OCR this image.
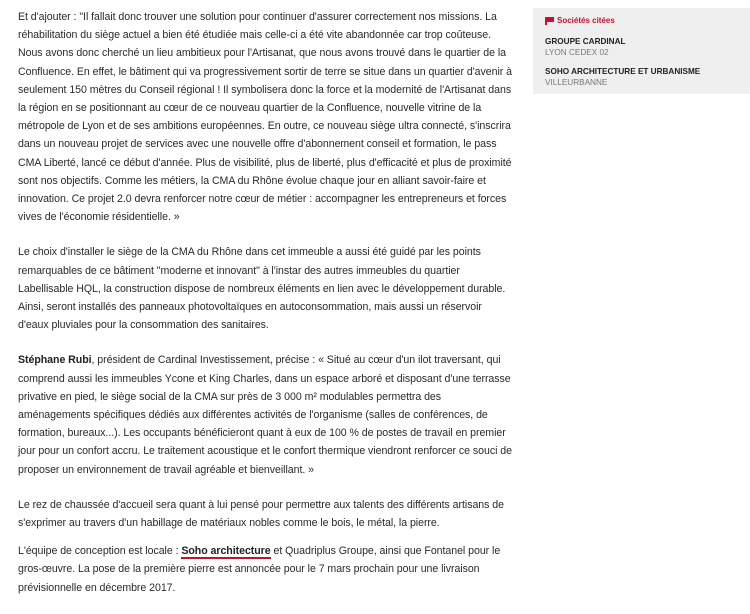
Et d'ajouter : "Il fallait donc trouver une solution pour continuer d'assurer correctement nos missions. La réhabilitation du siège actuel a bien été étudiée mais celle-ci a été vite abandonnée car trop coûteuse. Nous avons donc cherché un lieu ambitieux pour l'Artisanat, que nous avons trouvé dans le quartier de la Confluence. En effet, le bâtiment qui va progressivement sortir de terre se situe dans un quartier d'avenir à seulement 150 mètres du Conseil régional ! Il symbolisera donc la force et la modernité de l'Artisanat dans la région en se positionnant au cœur de ce nouveau quartier de la Confluence, nouvelle vitrine de la métropole de Lyon et de ses ambitions européennes. En outre, ce nouveau siège ultra connecté, s'inscrira dans un nouveau projet de services avec une nouvelle offre d'abonnement conseil et formation, le pass CMA Liberté, lancé ce début d'année. Plus de visibilité, plus de liberté, plus d'efficacité et plus de proximité sont nos objectifs. Comme les métiers, la CMA du Rhône évolue chaque jour en alliant savoir-faire et innovation. Ce projet 2.0 devra renforcer notre cœur de métier : accompagner les entrepreneurs et forces vives de l'économie résidentielle. »

Le choix d'installer le siège de la CMA du Rhône dans cet immeuble a aussi été guidé par les points remarquables de ce bâtiment "moderne et innovant" à l'instar des autres immeubles du quartier Labellisable HQL, la construction dispose de nombreux éléments en lien avec le développement durable. Ainsi, seront installés des panneaux photovoltaïques en autoconsommation, mais aussi un réservoir d'eaux pluviales pour la consommation des sanitaires.

Stéphane Rubi, président de Cardinal Investissement, précise : « Situé au cœur d'un ilot traversant, qui comprend aussi les immeubles Ycone et King Charles, dans un espace arboré et disposant d'une terrasse privative en pied, le siège social de la CMA sur près de 3 000 m² modulables permettra des aménagements spécifiques dédiés aux différentes activités de l'organisme (salles de conférences, de formation, bureaux...). Les occupants bénéficieront quant à eux de 100 % de postes de travail en premier jour pour un confort accru. Le traitement acoustique et le confort thermique viendront renforcer ce souci de proposer un environnement de travail agréable et bienveillant. »

Le rez de chaussée d'accueil sera quant à lui pensé pour permettre aux talents des différents artisans de s'exprimer au travers d'un habillage de matériaux nobles comme le bois, le métal, la pierre.

L'équipe de conception est locale : Soho architecture et Quadriplus Groupe, ainsi que Fontanel pour le gros-œuvre. La pose de la première pierre est annoncée pour le 7 mars prochain pour une livraison prévisionnelle en décembre 2017.

Sociétés citées
GROUPE CARDINAL
LYON CEDEX 02
SOHO ARCHITECTURE ET URBANISME
VILLEURBANNE
